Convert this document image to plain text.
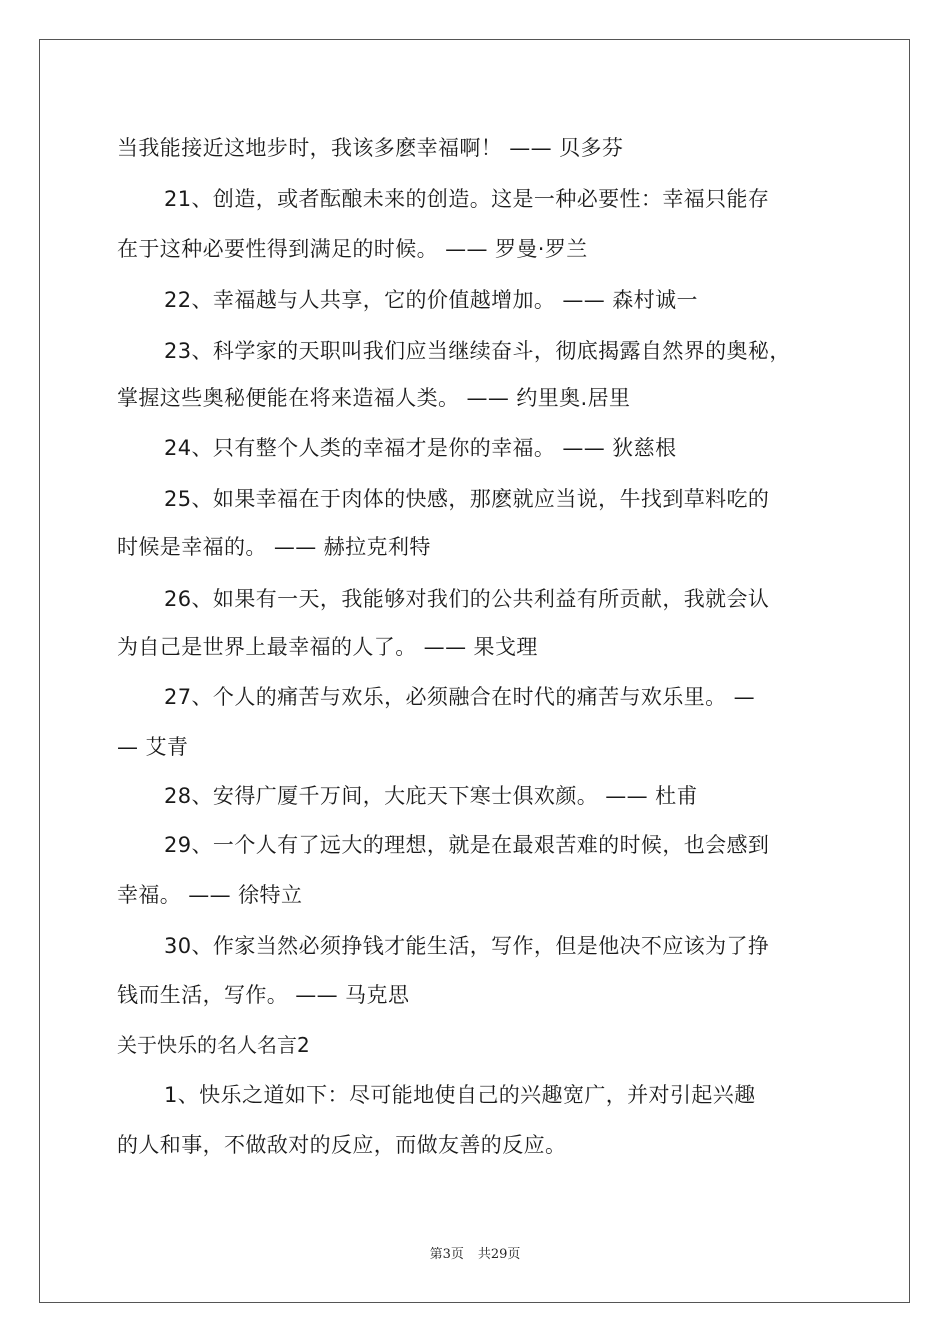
当我能接近这地步时，我该多麽幸福啊！ —— 贝多芬
21、创造，或者酝酿未来的创造。这是一种必要性：幸福只能存
在于这种必要性得到满足的时候。 —— 罗曼·罗兰
22、幸福越与人共享，它的价值越增加。 —— 森村诚一
23、科学家的天职叫我们应当继续奋斗，彻底揭露自然界的奥秘，
掌握这些奥秘便能在将来造福人类。 —— 约里奥.居里
24、只有整个人类的幸福才是你的幸福。 —— 狄慈根
25、如果幸福在于肉体的快感，那麽就应当说，牛找到草料吃的
时候是幸福的。 —— 赫拉克利特
26、如果有一天，我能够对我们的公共利益有所贡献，我就会认
为自己是世界上最幸福的人了。 —— 果戈理
27、个人的痛苦与欢乐，必须融合在时代的痛苦与欢乐里。 —
— 艾青
28、安得广厦千万间，大庇天下寒士俱欢颜。 —— 杜甫
29、一个人有了远大的理想，就是在最艰苦难的时候，也会感到
幸福。 —— 徐特立
30、作家当然必须挣钱才能生活，写作，但是他决不应该为了挣
钱而生活，写作。 —— 马克思
关于快乐的名人名言2
1、快乐之道如下：尽可能地使自己的兴趣宽广，并对引起兴趣
的人和事，不做敌对的反应，而做友善的反应。
第3页 共29页
